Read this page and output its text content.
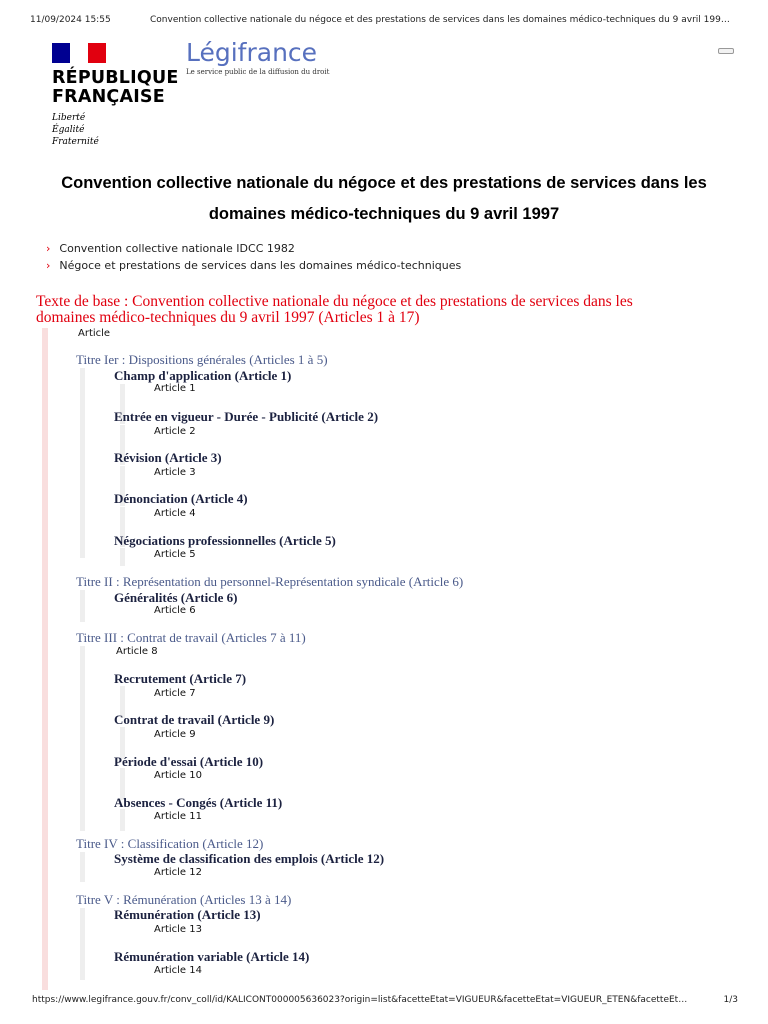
11/09/2024 15:55	Convention collective nationale du négoce et des prestations de services dans les domaines médico-techniques du 9 avril 199…
RÉPUBLIQUE
FRANÇAISE
Liberté
Égalité
Fraternité
Légifrance
Le service public de la diffusion du droit
Convention collective nationale du négoce et des prestations de services dans les domaines médico-techniques du 9 avril 1997
› Convention collective nationale IDCC 1982
› Négoce et prestations de services dans les domaines médico-techniques
Texte de base : Convention collective nationale du négoce et des prestations de services dans les domaines médico-techniques du 9 avril 1997 (Articles 1 à 17)
Article
Titre Ier : Dispositions générales (Articles 1 à 5)
Champ d'application (Article 1)
Article 1
Entrée en vigueur - Durée - Publicité (Article 2)
Article 2
Révision (Article 3)
Article 3
Dénonciation (Article 4)
Article 4
Négociations professionnelles (Article 5)
Article 5
Titre II : Représentation du personnel-Représentation syndicale (Article 6)
Généralités (Article 6)
Article 6
Titre III : Contrat de travail (Articles 7 à 11)
Article 8
Recrutement (Article 7)
Article 7
Contrat de travail (Article 9)
Article 9
Période d'essai (Article 10)
Article 10
Absences - Congés (Article 11)
Article 11
Titre IV : Classification (Article 12)
Système de classification des emplois (Article 12)
Article 12
Titre V : Rémunération (Articles 13 à 14)
Rémunération (Article 13)
Article 13
Rémunération variable (Article 14)
Article 14
https://www.legifrance.gouv.fr/conv_coll/id/KALICONT000005636023?origin=list&facetteEtat=VIGUEUR&facetteEtat=VIGUEUR_ETEN&facetteEt…	1/3
